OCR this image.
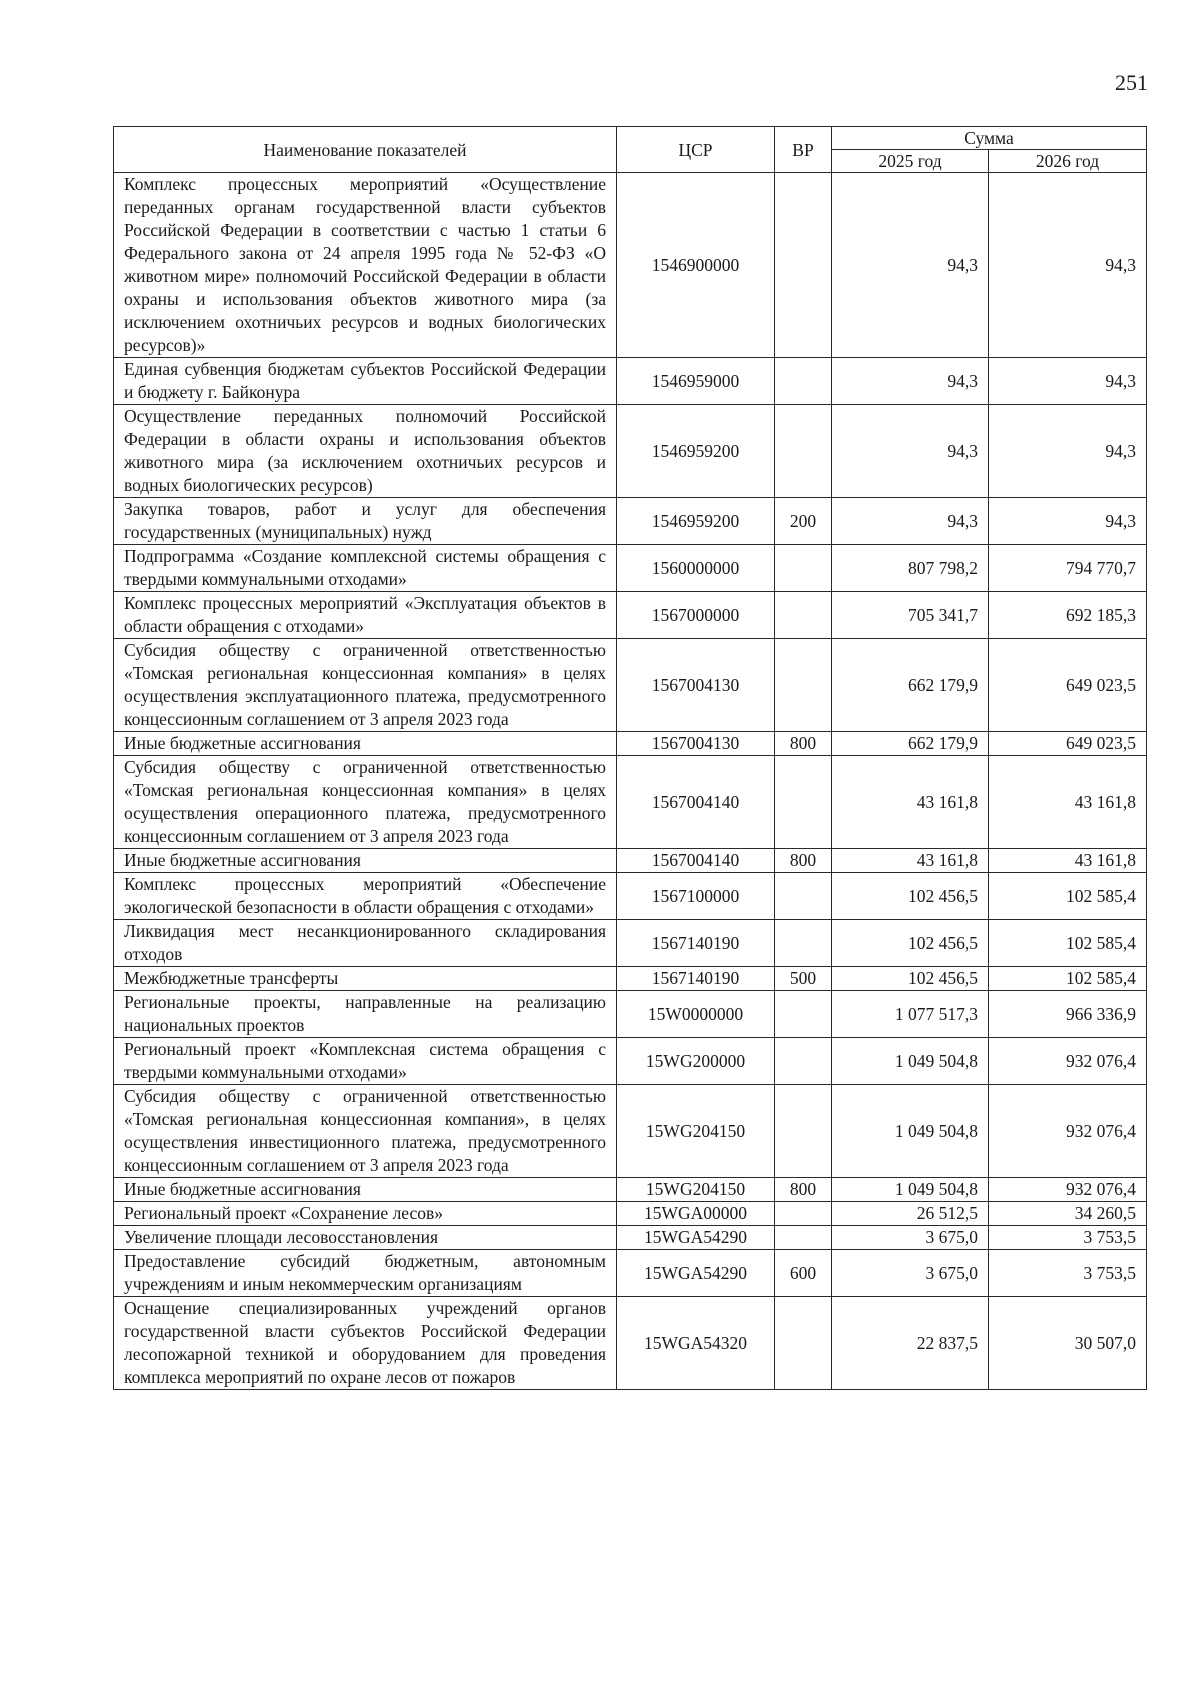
251
Наименование показателей	ЦСР	ВР	Сумма	
			2025 год	2026 год
Комплекс процессных мероприятий «Осуществление переданных органам государственной власти субъектов Российской Федерации в соответствии с частью 1 статьи 6 Федерального закона от 24 апреля 1995 года № 52-ФЗ «О животном мире» полномочий Российской Федерации в области охраны и использования объектов животного мира (за исключением охотничьих ресурсов и водных биологических ресурсов)»	1546900000		94,3	94,3
Единая субвенция бюджетам субъектов Российской Федерации и бюджету г. Байконура	1546959000		94,3	94,3
Осуществление переданных полномочий Российской Федерации в области охраны и использования объектов животного мира (за исключением охотничьих ресурсов и водных биологических ресурсов)	1546959200		94,3	94,3
Закупка товаров, работ и услуг для обеспечения государственных (муниципальных) нужд	1546959200	200	94,3	94,3
Подпрограмма «Создание комплексной системы обращения с твердыми коммунальными отходами»	1560000000		807 798,2	794 770,7
Комплекс процессных мероприятий «Эксплуатация объектов в области обращения с отходами»	1567000000		705 341,7	692 185,3
Субсидия обществу с ограниченной ответственностью «Томская региональная концессионная компания» в целях осуществления эксплуатационного платежа, предусмотренного концессионным соглашением от 3 апреля 2023 года	1567004130		662 179,9	649 023,5
Иные бюджетные ассигнования	1567004130	800	662 179,9	649 023,5
Субсидия обществу с ограниченной ответственностью «Томская региональная концессионная компания» в целях осуществления операционного платежа, предусмотренного концессионным соглашением от 3 апреля 2023 года	1567004140		43 161,8	43 161,8
Иные бюджетные ассигнования	1567004140	800	43 161,8	43 161,8
Комплекс процессных мероприятий «Обеспечение экологической безопасности в области обращения с отходами»	1567100000		102 456,5	102 585,4
Ликвидация мест несанкционированного складирования отходов	1567140190		102 456,5	102 585,4
Межбюджетные трансферты	1567140190	500	102 456,5	102 585,4
Региональные проекты, направленные на реализацию национальных проектов	15W0000000		1 077 517,3	966 336,9
Региональный проект «Комплексная система обращения с твердыми коммунальными отходами»	15WG200000		1 049 504,8	932 076,4
Субсидия обществу с ограниченной ответственностью «Томская региональная концессионная компания», в целях осуществления инвестиционного платежа, предусмотренного концессионным соглашением от 3 апреля 2023 года	15WG204150		1 049 504,8	932 076,4
Иные бюджетные ассигнования	15WG204150	800	1 049 504,8	932 076,4
Региональный проект «Сохранение лесов»	15WGA00000		26 512,5	34 260,5
Увеличение площади лесовосстановления	15WGA54290		3 675,0	3 753,5
Предоставление субсидий бюджетным, автономным учреждениям и иным некоммерческим организациям	15WGA54290	600	3 675,0	3 753,5
Оснащение специализированных учреждений органов государственной власти субъектов Российской Федерации лесопожарной техникой и оборудованием для проведения комплекса мероприятий по охране лесов от пожаров	15WGA54320		22 837,5	30 507,0
